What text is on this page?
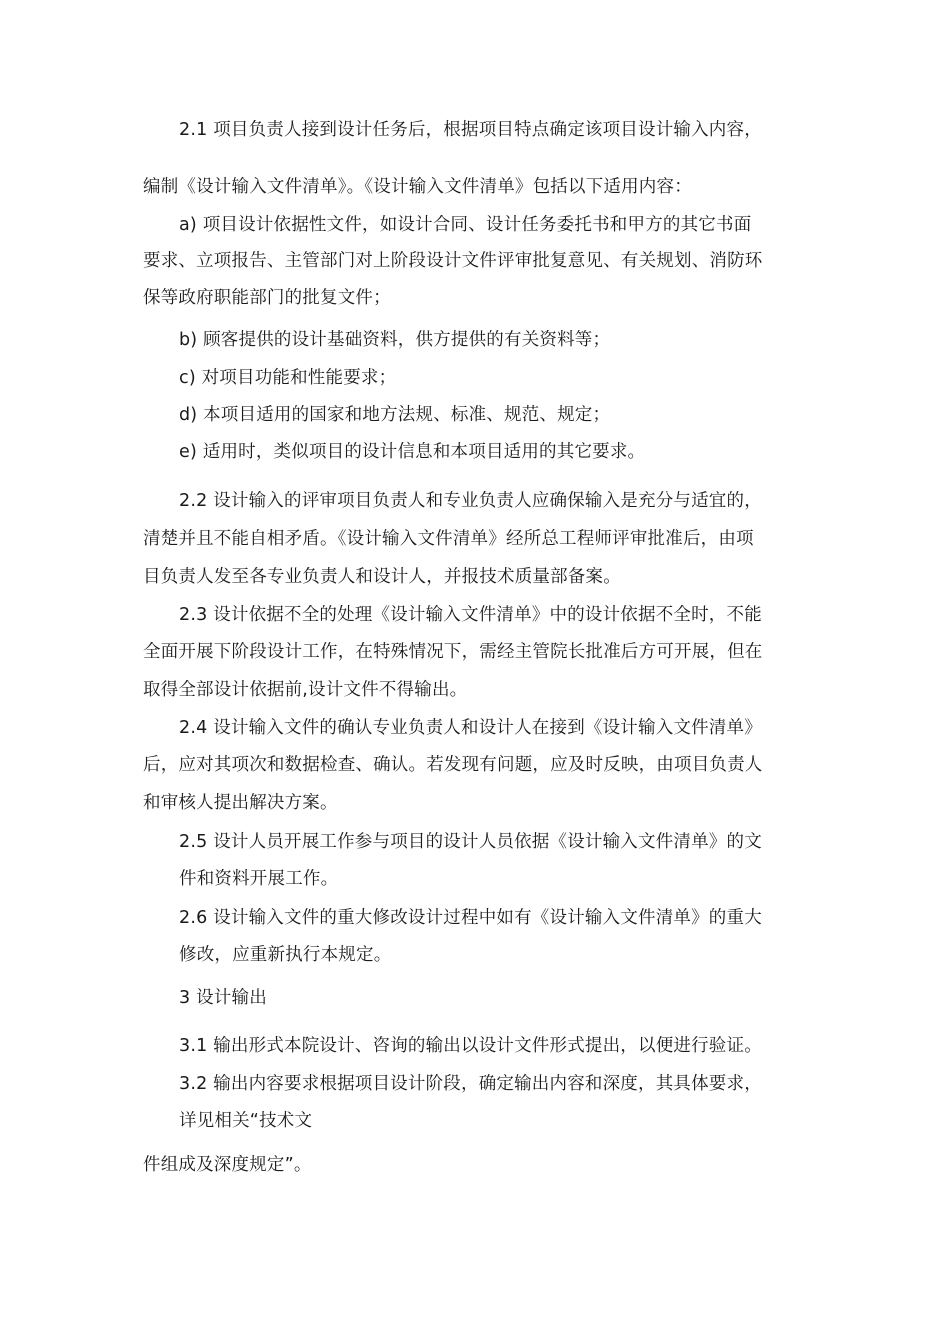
2.1 项目负责人接到设计任务后，根据项目特点确定该项目设计输入内容，
编制《设计输入文件清单》。《设计输入文件清单》包括以下适用内容：
a) 项目设计依据性文件，如设计合同、设计任务委托书和甲方的其它书面
要求、立项报告、主管部门对上阶段设计文件评审批复意见、有关规划、消防环
保等政府职能部门的批复文件；
b) 顾客提供的设计基础资料，供方提供的有关资料等；
c) 对项目功能和性能要求；
d) 本项目适用的国家和地方法规、标准、规范、规定；
e) 适用时，类似项目的设计信息和本项目适用的其它要求。
2.2 设计输入的评审项目负责人和专业负责人应确保输入是充分与适宜的，
清楚并且不能自相矛盾。《设计输入文件清单》经所总工程师评审批准后，由项
目负责人发至各专业负责人和设计人，并报技术质量部备案。
2.3 设计依据不全的处理《设计输入文件清单》中的设计依据不全时，不能
全面开展下阶段设计工作，在特殊情况下，需经主管院长批准后方可开展，但在
取得全部设计依据前,设计文件不得输出。
2.4 设计输入文件的确认专业负责人和设计人在接到《设计输入文件清单》
后，应对其项次和数据检查、确认。若发现有问题，应及时反映，由项目负责人
和审核人提出解决方案。
2.5 设计人员开展工作参与项目的设计人员依据《设计输入文件清单》的文
件和资料开展工作。
2.6 设计输入文件的重大修改设计过程中如有《设计输入文件清单》的重大
修改，应重新执行本规定。
3 设计输出
3.1 输出形式本院设计、咨询的输出以设计文件形式提出，以便进行验证。
3.2 输出内容要求根据项目设计阶段，确定输出内容和深度，其具体要求，
详见相关“技术文
件组成及深度规定”。
